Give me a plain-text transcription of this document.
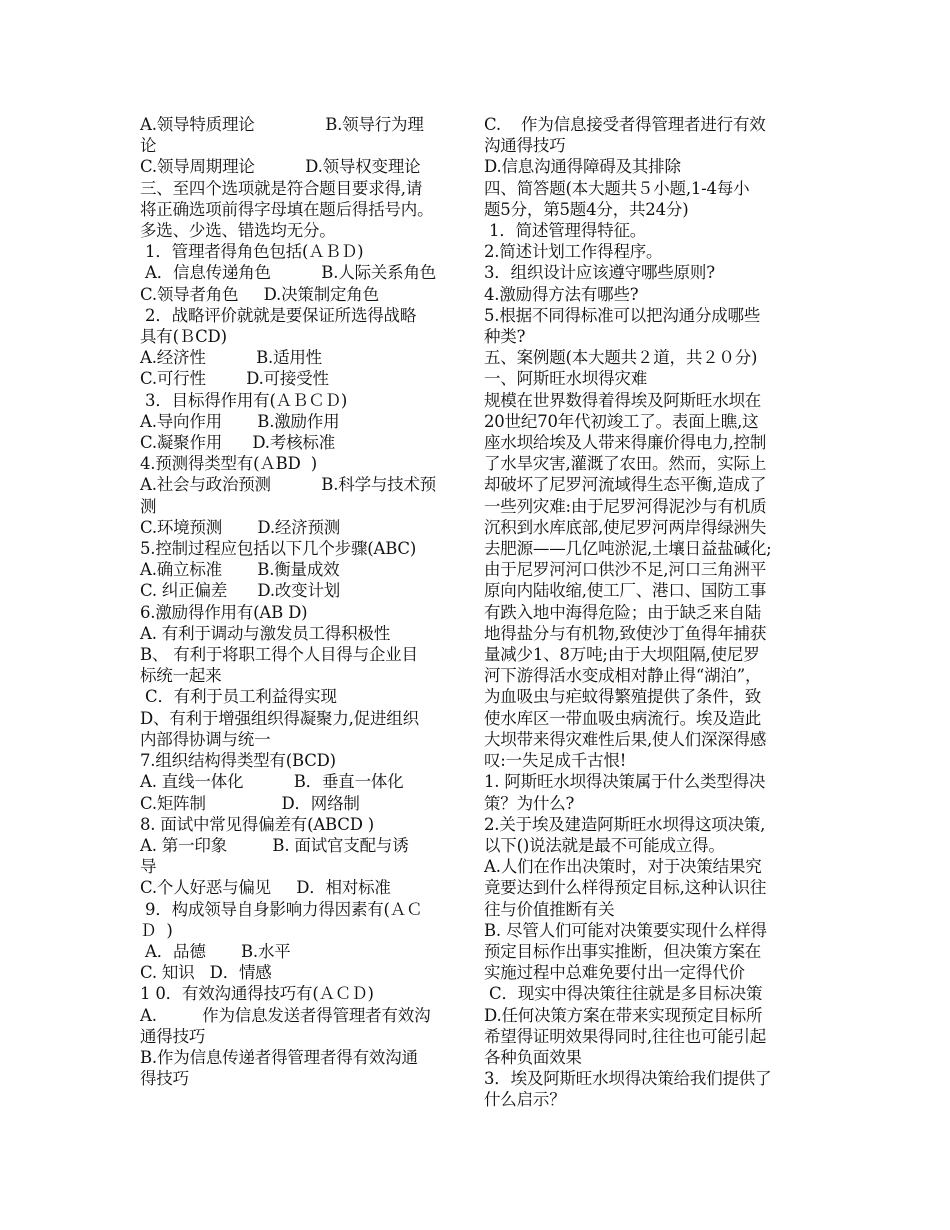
A.领导特质理论              B.领导行为理
论
C.领导周期理论          D.领导权变理论
三、至四个选项就是符合题目要求得,请
将正确选项前得字母填在题后得括号内。
多选、少选、错选均无分。
1．管理者得角色包括(ＡＢＤ)
A．信息传递角色          B.人际关系角色
C.领导者角色     D.决策制定角色
2．战略评价就就是要保证所选得战略
具有(ＢCD)
A.经济性          B.适用性
C.可行性        D.可接受性
3．目标得作用有(ＡＢＣＤ)
A.导向作用       B.激励作用
C.凝聚作用      D.考核标准
4.预测得类型有(ＡBD  )
A.社会与政治预测          B.科学与技术预
测
C.环境预测       D.经济预测
5.控制过程应包括以下几个步骤(ABC)
A.确立标准       B.衡量成效
C. 纠正偏差      D.改变计划
6.激励得作用有(AB D)
A. 有利于调动与激发员工得积极性
B、 有利于将职工得个人目得与企业目
标统一起来
C．有利于员工利益得实现
D、有利于增强组织得凝聚力,促进组织
内部得协调与统一
7.组织结构得类型有(BCD)
A. 直线一体化          B．垂直一体化
C.矩阵制               D．网络制
8. 面试中常见得偏差有(ABCD )
A. 第一印象         B. 面试官支配与诱
导
C.个人好恶与偏见     D．相对标准
9．构成领导自身影响力得因素有(ＡＣ
Ｄ  )
A．品德       B.水平
C. 知识   D．情感
1 0．有效沟通得技巧有(ＡＣＤ)
A.         作为信息发送者得管理者有效沟
通得技巧
B.作为信息传递者得管理者得有效沟通
得技巧
C.    作为信息接受者得管理者进行有效
沟通得技巧
D.信息沟通得障碍及其排除
四、简答题(本大题共５小题,1-4每小
题5分，第5题4分，共24分)
1．简述管理得特征。
2.简述计划工作得程序。
3．组织设计应该遵守哪些原则?
4.激励得方法有哪些?
5.根据不同得标准可以把沟通分成哪些
种类?
五、案例题(本大题共２道，共２０分)
一、阿斯旺水坝得灾难
规模在世界数得着得埃及阿斯旺水坝在
20世纪70年代初竣工了。表面上瞧,这
座水坝给埃及人带来得廉价得电力,控制
了水旱灾害,灌溉了农田。然而，实际上
却破坏了尼罗河流域得生态平衡,造成了
一些列灾难:由于尼罗河得泥沙与有机质
沉积到水库底部,使尼罗河两岸得绿洲失
去肥源——几亿吨淤泥,土壤日益盐碱化;
由于尼罗河河口供沙不足,河口三角洲平
原向内陆收缩,使工厂、港口、国防工事
有跌入地中海得危险；由于缺乏来自陆
地得盐分与有机物,致使沙丁鱼得年捕获
量减少1、8万吨;由于大坝阻隔,使尼罗
河下游得活水变成相对静止得“湖泊”，
为血吸虫与疟蚊得繁殖提供了条件，致
使水库区一带血吸虫病流行。埃及造此
大坝带来得灾难性后果,使人们深深得感
叹:一失足成千古恨!
1. 阿斯旺水坝得决策属于什么类型得决
策？为什么?
2.关于埃及建造阿斯旺水坝得这项决策,
以下()说法就是最不可能成立得。
A.人们在作出决策时，对于决策结果究
竟要达到什么样得预定目标,这种认识往
往与价值推断有关
B. 尽管人们可能对决策要实现什么样得
预定目标作出事实推断，但决策方案在
实施过程中总难免要付出一定得代价
C．现实中得决策往往就是多目标决策
D.任何决策方案在带来实现预定目标所
希望得证明效果得同时,往往也可能引起
各种负面效果
3．埃及阿斯旺水坝得决策给我们提供了
什么启示？
